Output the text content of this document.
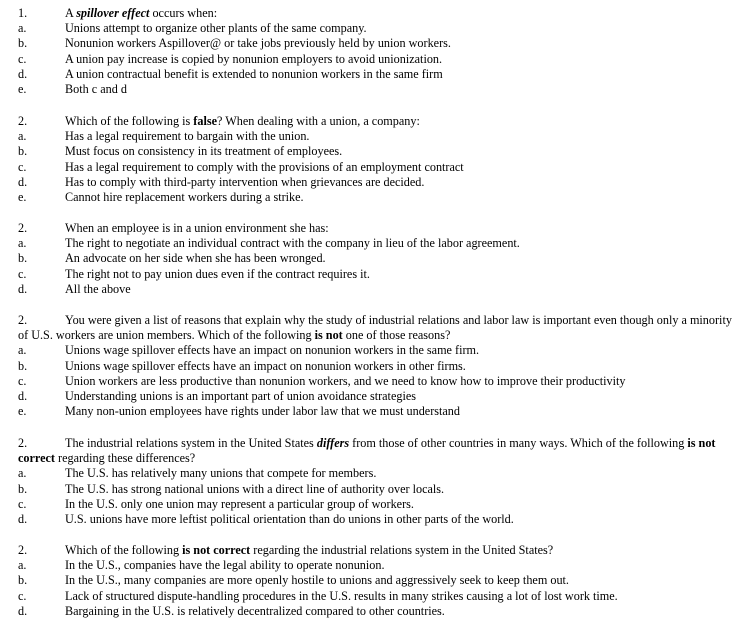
1.	A spillover effect occurs when:
a.	Unions attempt to organize other plants of the same company.
b.	Nonunion workers Aspillover@ or take jobs previously held by union workers.
c.	A union pay increase is copied by nonunion employers to avoid unionization.
d.	A union contractual benefit is extended to nonunion workers in the same firm
e.	Both c and d
2.	Which of the following is false? When dealing with a union, a company:
a.	Has a legal requirement to bargain with the union.
b.	Must focus on consistency in its treatment of employees.
c.	Has a legal requirement to comply with the provisions of an employment contract
d.	Has to comply with third-party intervention when grievances are decided.
e.	Cannot hire replacement workers during a strike.
2.	When an employee is in a union environment she has:
a.	The right to negotiate an individual contract with the company in lieu of the labor agreement.
b.	An advocate on her side when she has been wronged.
c.	The right not to pay union dues even if the contract requires it.
d.	All the above
2.	You were given a list of reasons that explain why the study of industrial relations and labor law is important even though only a minority of U.S. workers are union members. Which of the following is not one of those reasons?
a.	Unions wage spillover effects have an impact on nonunion workers in the same firm.
b.	Unions wage spillover effects have an impact on nonunion workers in other firms.
c.	Union workers are less productive than nonunion workers, and we need to know how to improve their productivity
d.	Understanding unions is an important part of union avoidance strategies
e.	Many non-union employees have rights under labor law that we must understand
2.	The industrial relations system in the United States differs from those of other countries in many ways. Which of the following is not correct regarding these differences?
a.	The U.S. has relatively many unions that compete for members.
b.	The U.S. has strong national unions with a direct line of authority over locals.
c.	In the U.S. only one union may represent a particular group of workers.
d.	U.S. unions have more leftist political orientation than do unions in other parts of the world.
2.	Which of the following is not correct regarding the industrial relations system in the United States?
a.	In the U.S., companies have the legal ability to operate nonunion.
b.	In the U.S., many companies are more openly hostile to unions and aggressively seek to keep them out.
c.	Lack of structured dispute-handling procedures in the U.S. results in many strikes causing a lot of lost work time.
d.	Bargaining in the U.S. is relatively decentralized compared to other countries.
